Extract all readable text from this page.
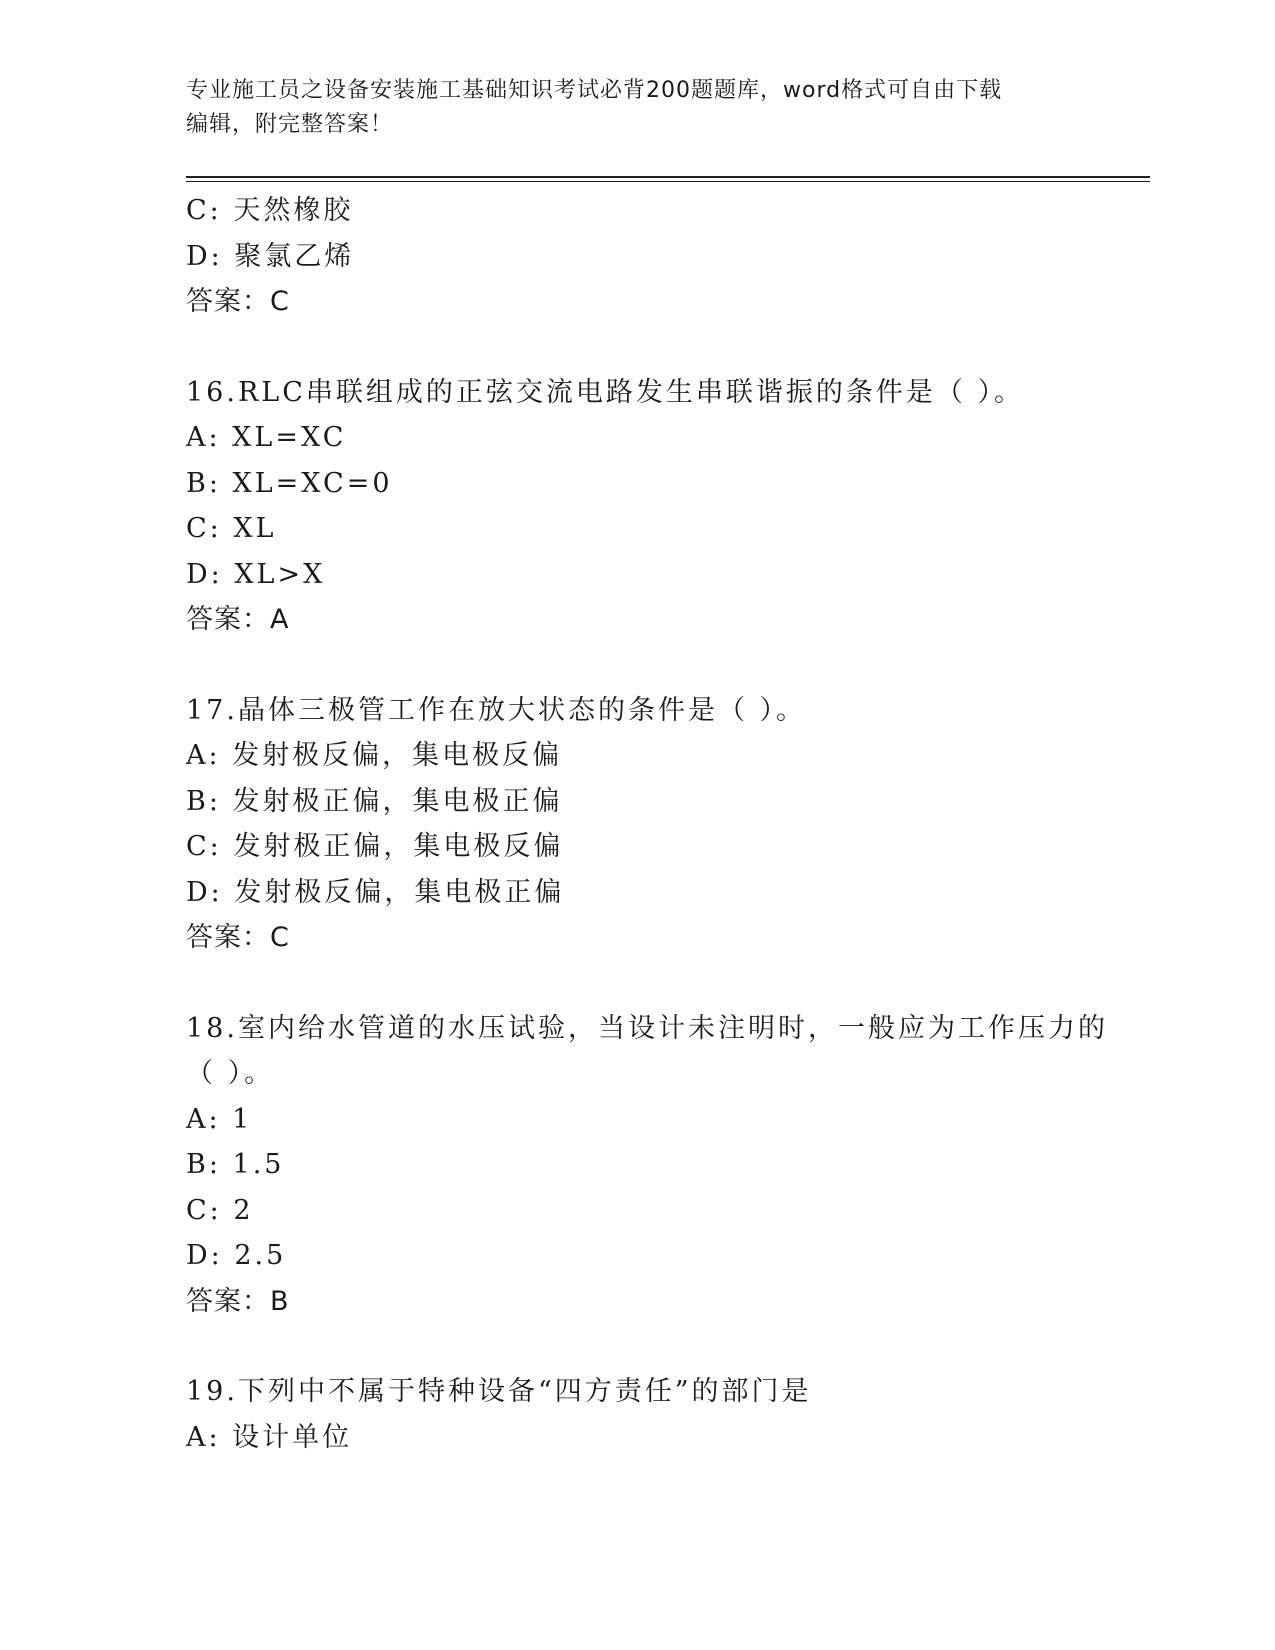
专业施工员之设备安装施工基础知识考试必背200题题库，word格式可自由下载
编辑，附完整答案！
C: 天然橡胶
D: 聚氯乙烯
答案：C
16.RLC串联组成的正弦交流电路发生串联谐振的条件是（ ）。
A: XL=XC
B: XL=XC=0
C: XL
D: XL>X
答案：A
17.晶体三极管工作在放大状态的条件是（ ）。
A: 发射极反偏，集电极反偏
B: 发射极正偏，集电极正偏
C: 发射极正偏，集电极反偏
D: 发射极反偏，集电极正偏
答案：C
18.室内给水管道的水压试验，当设计未注明时，一般应为工作压力的
（ ）。
A: 1
B: 1.5
C: 2
D: 2.5
答案：B
19.下列中不属于特种设备“四方责任”的部门是
A: 设计单位
